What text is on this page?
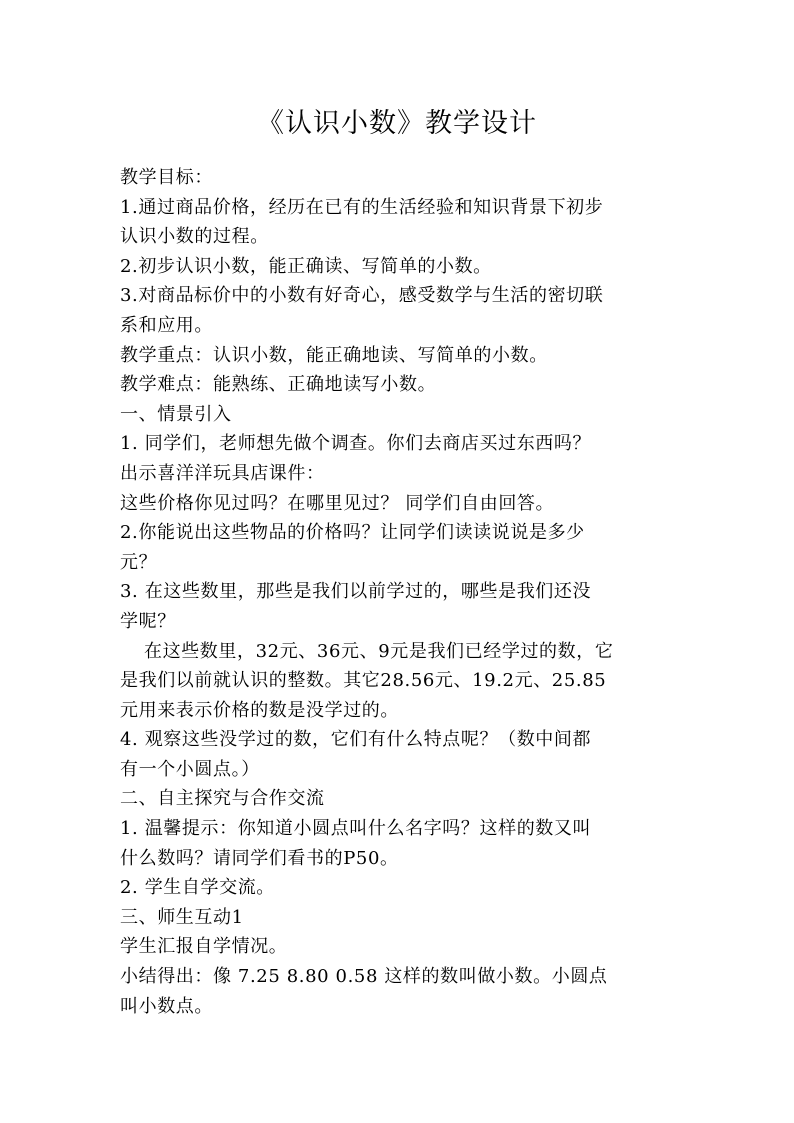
《认识小数》教学设计
教学目标：
1.通过商品价格，经历在已有的生活经验和知识背景下初步
认识小数的过程。
2.初步认识小数，能正确读、写简单的小数。
3.对商品标价中的小数有好奇心，感受数学与生活的密切联
系和应用。
教学重点：认识小数，能正确地读、写简单的小数。
教学难点：能熟练、正确地读写小数。
一、情景引入
1. 同学们，老师想先做个调查。你们去商店买过东西吗？
出示喜洋洋玩具店课件：
这些价格你见过吗？在哪里见过？ 同学们自由回答。
2.你能说出这些物品的价格吗？让同学们读读说说是多少
元？
3. 在这些数里，那些是我们以前学过的，哪些是我们还没
学呢？
在这些数里，32元、36元、9元是我们已经学过的数，它
是我们以前就认识的整数。其它28.56元、19.2元、25.85
元用来表示价格的数是没学过的。
4. 观察这些没学过的数，它们有什么特点呢？（数中间都
有一个小圆点。）
二、自主探究与合作交流
1. 温馨提示：你知道小圆点叫什么名字吗？这样的数又叫
什么数吗？请同学们看书的P50。
2. 学生自学交流。
三、师生互动1
学生汇报自学情况。
小结得出：像 7.25 8.80 0.58 这样的数叫做小数。小圆点
叫小数点。
